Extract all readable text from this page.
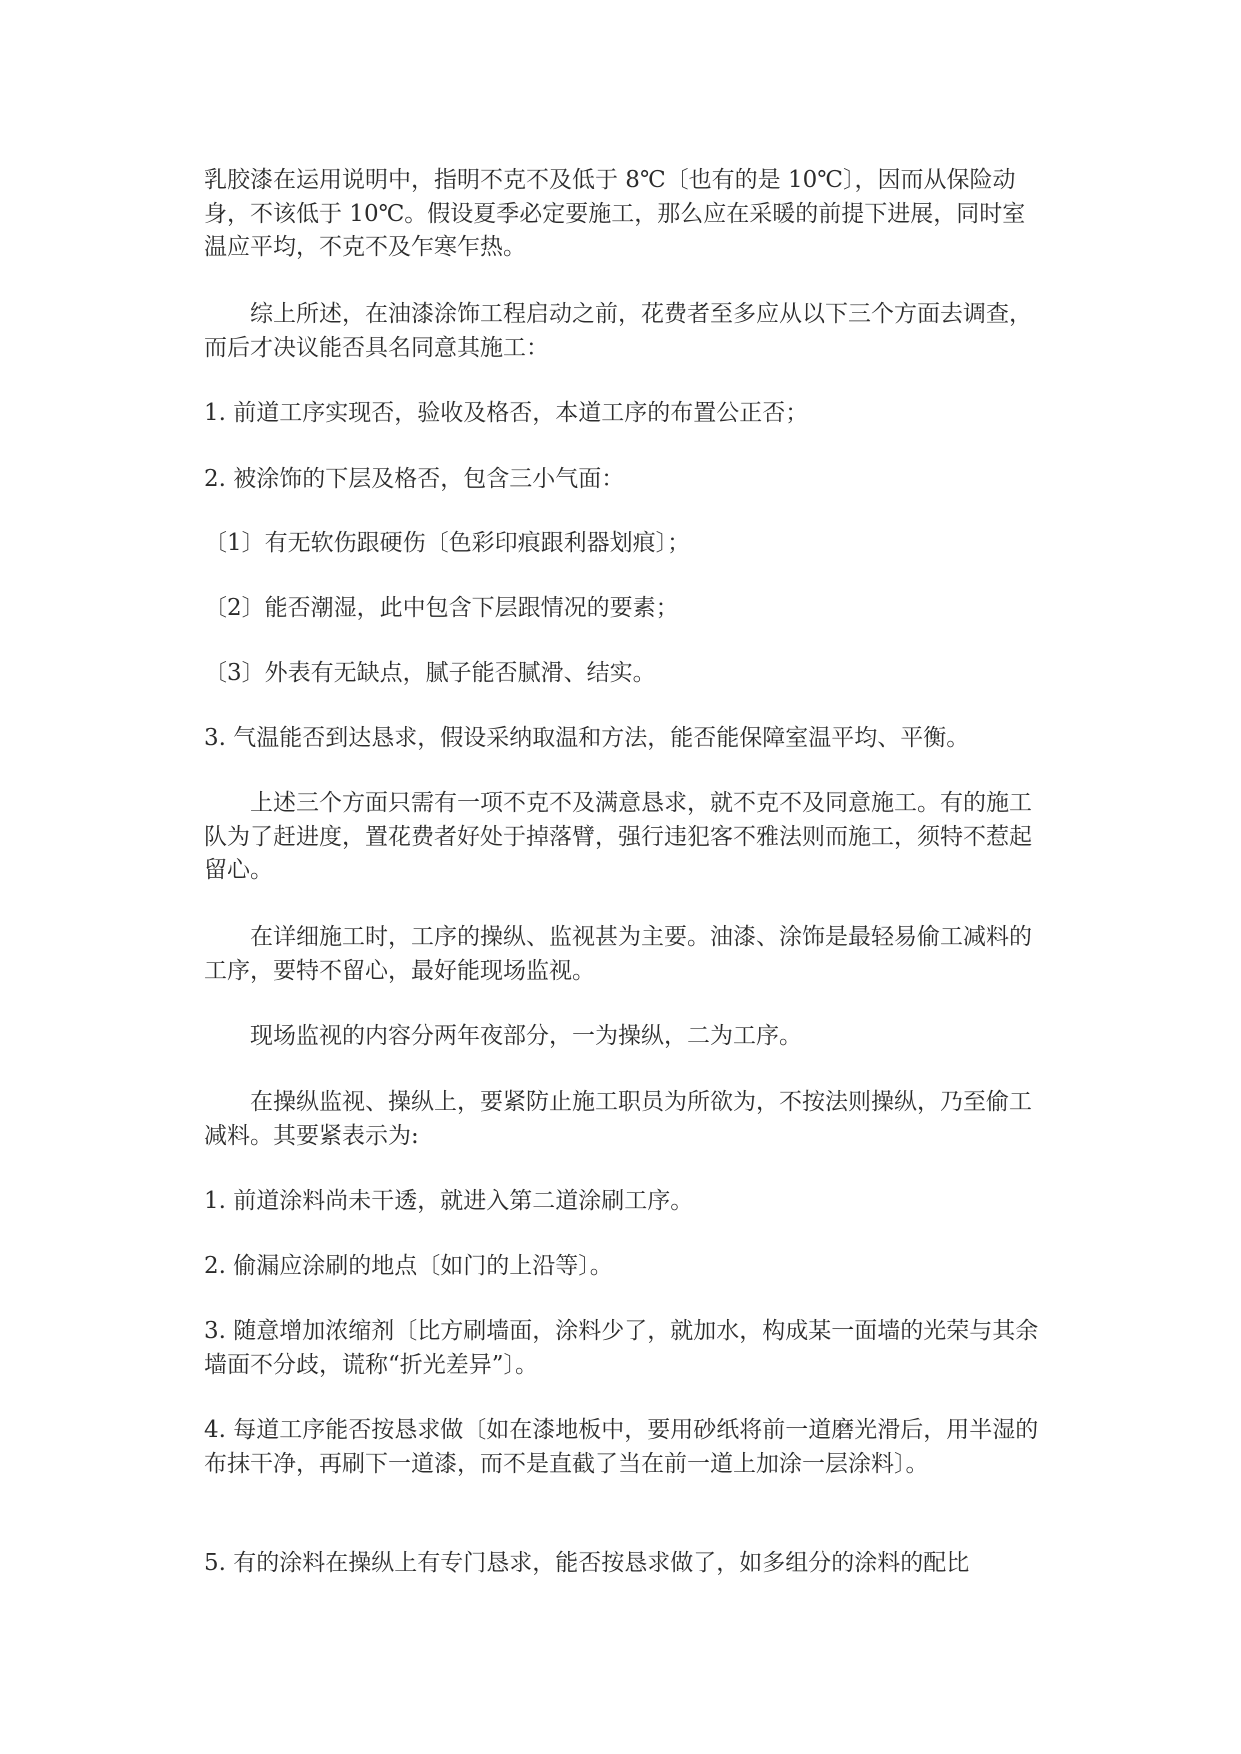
乳胶漆在运用说明中，指明不克不及低于 8℃〔也有的是 10℃〕，因而从保险动身，不该低于 10℃。假设夏季必定要施工，那么应在采暖的前提下进展，同时室温应平均，不克不及乍寒乍热。

综上所述，在油漆涂饰工程启动之前，花费者至多应从以下三个方面去调查，而后才决议能否具名同意其施工：

1. 前道工序实现否，验收及格否，本道工序的布置公正否；

2. 被涂饰的下层及格否，包含三小气面：

〔1〕有无软伤跟硬伤〔色彩印痕跟利器划痕〕；

〔2〕能否潮湿，此中包含下层跟情况的要素；

〔3〕外表有无缺点，腻子能否腻滑、结实。

3. 气温能否到达恳求，假设采纳取温和方法，能否能保障室温平均、平衡。

上述三个方面只需有一项不克不及满意恳求，就不克不及同意施工。有的施工队为了赶进度，置花费者好处于掉落臂，强行违犯客不雅法则而施工，须特不惹起留心。

在详细施工时，工序的操纵、监视甚为主要。油漆、涂饰是最轻易偷工减料的工序，要特不留心，最好能现场监视。

现场监视的内容分两年夜部分，一为操纵，二为工序。

在操纵监视、操纵上，要紧防止施工职员为所欲为，不按法则操纵，乃至偷工减料。其要紧表示为:

1. 前道涂料尚未干透，就进入第二道涂刷工序。

2. 偷漏应涂刷的地点〔如门的上沿等〕。

3. 随意增加浓缩剂〔比方刷墙面，涂料少了，就加水，构成某一面墙的光荣与其余墙面不分歧，谎称“折光差异”〕。

4. 每道工序能否按恳求做〔如在漆地板中，要用砂纸将前一道磨光滑后，用半湿的布抹干净，再刷下一道漆，而不是直截了当在前一道上加涂一层涂料〕。

5. 有的涂料在操纵上有专门恳求，能否按恳求做了，如多组分的涂料的配比
